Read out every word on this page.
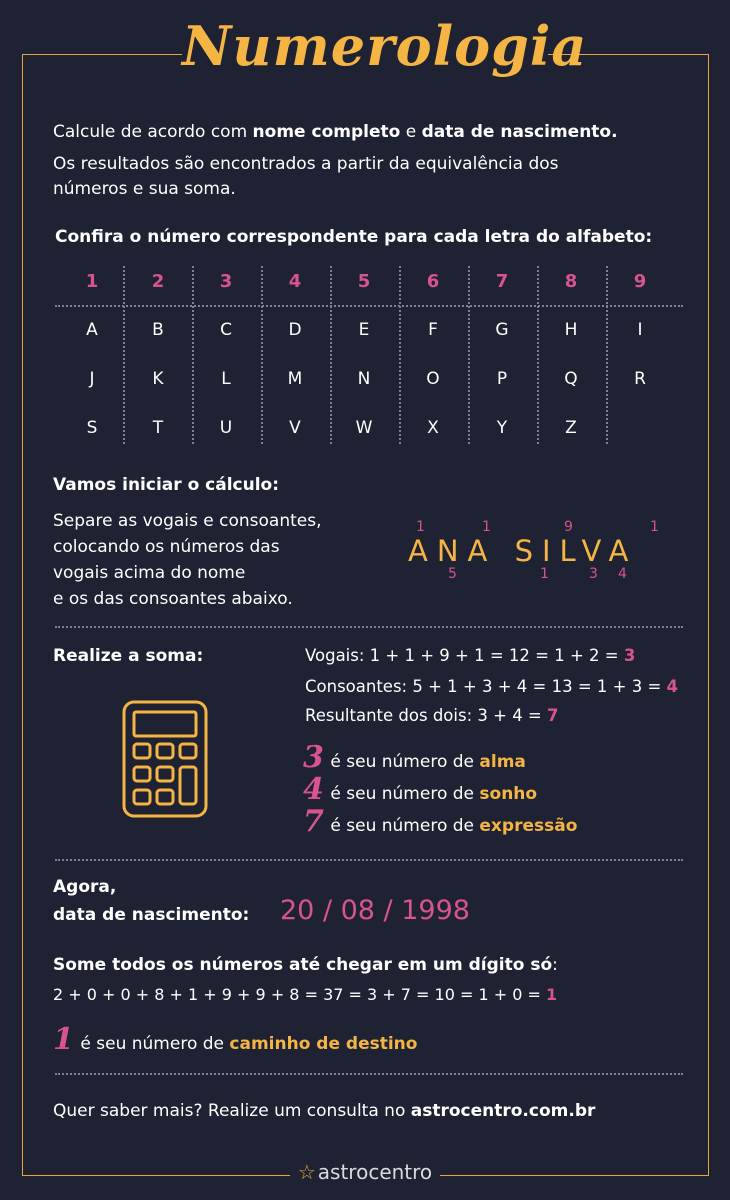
Numerologia
Calcule de acordo com nome completo e data de nascimento.
Os resultados são encontrados a partir da equivalência dos
números e sua soma.
Confira o número correspondente para cada letra do alfabeto:
1	2	3	4	5	6	7	8	9
A	B	C	D	E	F	G	H	I
J	K	L	M	N	O	P	Q	R
S	T	U	V	W	X	Y	Z
Vamos iniciar o cálculo:
Separe as vogais e consoantes,
colocando os números das
vogais acima do nome
e os das consoantes abaixo.
1	1	9	1
ANA SILVA
5	1	3 4
Realize a soma:	Vogais: 1 + 1 + 9 + 1 = 12 = 1 + 2 = 3
Consoantes: 5 + 1 + 3 + 4 = 13 = 1 + 3 = 4
Resultante dos dois: 3 + 4 = 7
3 é seu número de alma
4 é seu número de sonho
7 é seu número de expressão
Agora,
data de nascimento: 20 / 08 / 1998
Some todos os números até chegar em um dígito só:
2 + 0 + 0 + 8 + 1 + 9 + 9 + 8 = 37 = 3 + 7 = 10 = 1 + 0 = 1
1 é seu número de caminho de destino
Quer saber mais? Realize um consulta no astrocentro.com.br
☆ astrocentro
